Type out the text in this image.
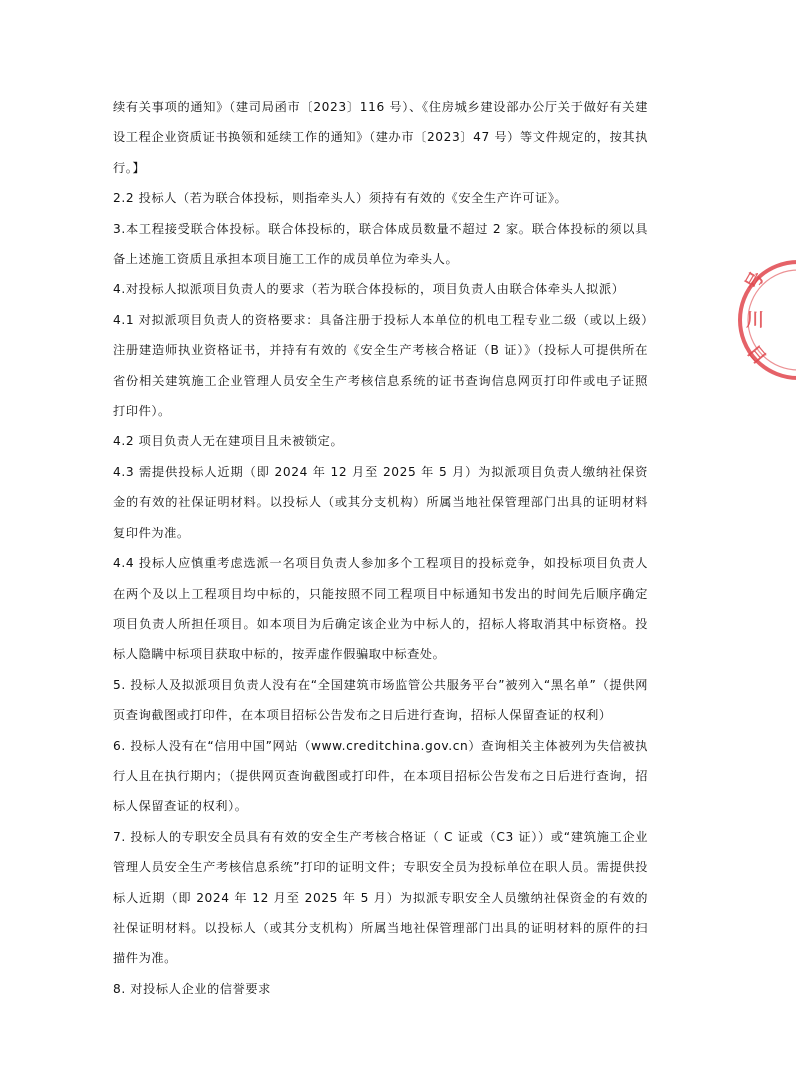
续有关事项的通知》（建司局函市〔2023〕116 号）、《住房城乡建设部办公厅关于做好有关建设工程企业资质证书换领和延续工作的通知》（建办市〔2023〕47 号）等文件规定的，按其执行。】

2.2 投标人（若为联合体投标，则指牵头人）须持有有效的《安全生产许可证》。

3.本工程接受联合体投标。联合体投标的，联合体成员数量不超过 2 家。联合体投标的须以具备上述施工资质且承担本项目施工工作的成员单位为牵头人。

4.对投标人拟派项目负责人的要求（若为联合体投标的，项目负责人由联合体牵头人拟派）

4.1 对拟派项目负责人的资格要求：具备注册于投标人本单位的机电工程专业二级（或以上级）注册建造师执业资格证书，并持有有效的《安全生产考核合格证（B 证）》（投标人可提供所在省份相关建筑施工企业管理人员安全生产考核信息系统的证书查询信息网页打印件或电子证照打印件）。

4.2 项目负责人无在建项目且未被锁定。

4.3 需提供投标人近期（即 2024 年 12 月至 2025 年 5 月）为拟派项目负责人缴纳社保资金的有效的社保证明材料。以投标人（或其分支机构）所属当地社保管理部门出具的证明材料复印件为准。

4.4 投标人应慎重考虑选派一名项目负责人参加多个工程项目的投标竞争，如投标项目负责人在两个及以上工程项目均中标的，只能按照不同工程项目中标通知书发出的时间先后顺序确定项目负责人所担任项目。如本项目为后确定该企业为中标人的，招标人将取消其中标资格。投标人隐瞒中标项目获取中标的，按弄虚作假骗取中标查处。

5. 投标人及拟派项目负责人没有在“全国建筑市场监管公共服务平台”被列入“黑名单”（提供网页查询截图或打印件，在本项目招标公告发布之日后进行查询，招标人保留查证的权利）

6. 投标人没有在“信用中国”网站（www.creditchina.gov.cn）查询相关主体被列为失信被执行人且在执行期内；（提供网页查询截图或打印件，在本项目招标公告发布之日后进行查询，招标人保留查证的权利）。

7. 投标人的专职安全员具有有效的安全生产考核合格证（ C 证或（C3 证））或“建筑施工企业管理人员安全生产考核信息系统”打印的证明文件；专职安全员为投标单位在职人员。需提供投标人近期（即 2024 年 12 月至 2025 年 5 月）为拟派专职安全人员缴纳社保资金的有效的社保证明材料。以投标人（或其分支机构）所属当地社保管理部门出具的证明材料的原件的扫描件为准。

8. 对投标人企业的信誉要求

号
川
日
